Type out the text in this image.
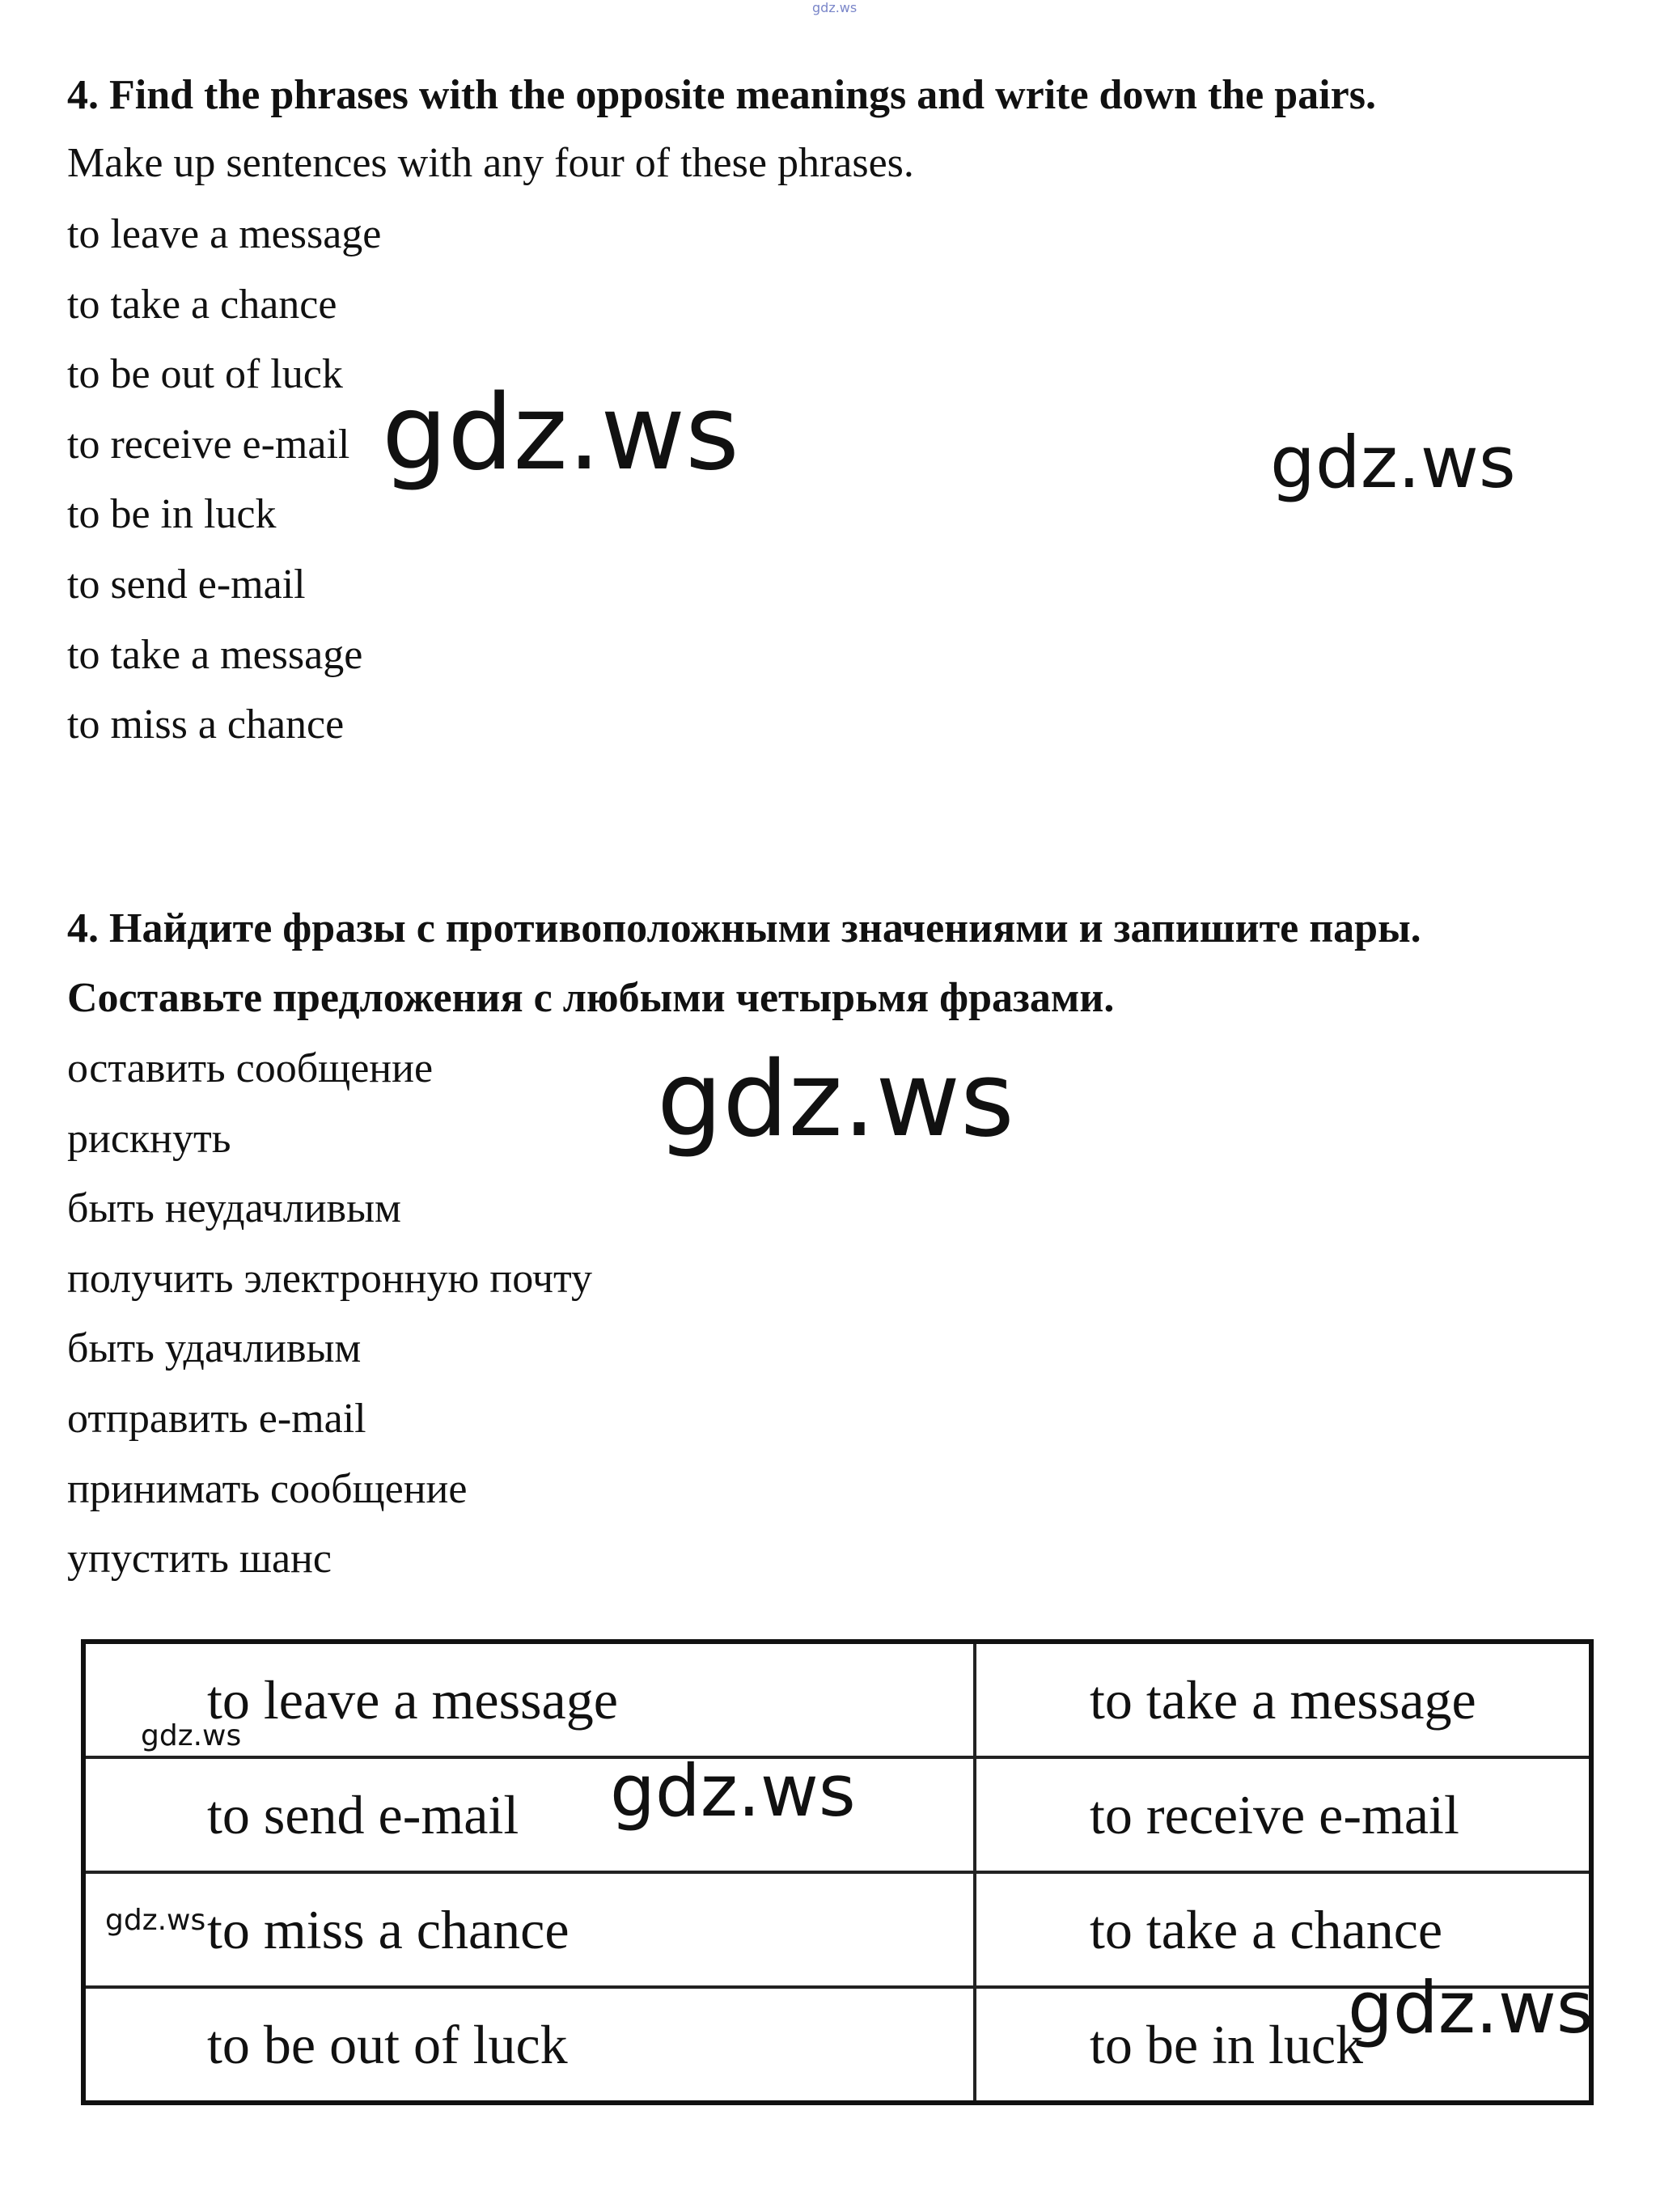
gdz.ws
4. Find the phrases with the opposite meanings and write down the pairs.

Make up sentences with any four of these phrases.

to leave a message
to take a chance
to be out of luck
to receive e-mail
to be in luck
to send e-mail
to take a message
to miss a chance
4. Найдите фразы с противоположными значениями и запишите пары.

Составьте предложения с любыми четырьмя фразами.

оставить сообщение
рискнуть
быть неудачливым
получить электронную почту
быть удачливым
отправить e-mail
принимать сообщение
упустить шанс
to leave a message	to take a message
to send e-mail	to receive e-mail
to miss a chance	to take a chance
to be out of luck	to be in luck
gdz.ws	gdz.ws
gdz.ws
gdz.ws
gdz.ws
gdz.ws
gdz.ws
